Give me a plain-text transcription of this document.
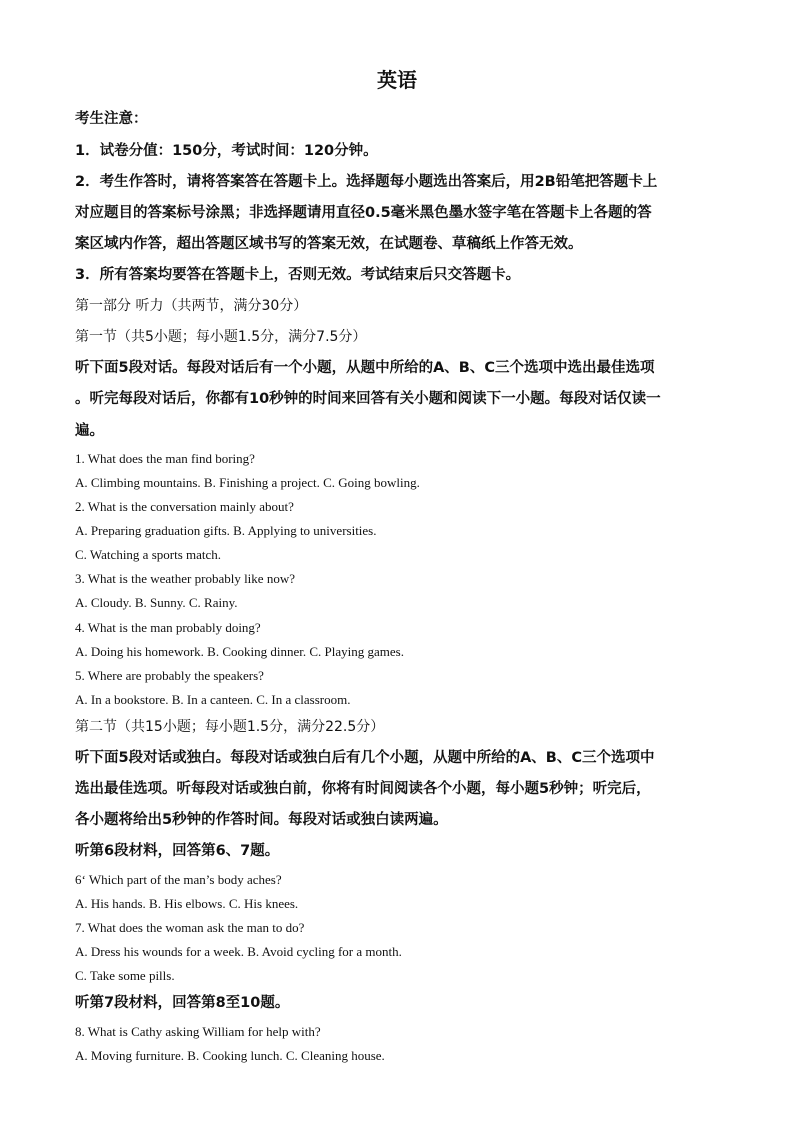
英语
考生注意：
1．试卷分值：150分，考试时间：120分钟。
2．考生作答时，请将答案答在答题卡上。选择题每小题选出答案后，用2B铅笔把答题卡上
对应题目的答案标号涂黑；非选择题请用直径0.5毫米黑色墨水签字笔在答题卡上各题的答
案区域内作答，超出答题区域书写的答案无效，在试题卷、草稿纸上作答无效。
3．所有答案均要答在答题卡上，否则无效。考试结束后只交答题卡。
第一部分 听力（共两节，满分30分）
第一节（共5小题；每小题1.5分，满分7.5分）
听下面5段对话。每段对话后有一个小题，从题中所给的A、B、C三个选项中选出最佳选项
。听完每段对话后，你都有10秒钟的时间来回答有关小题和阅读下一小题。每段对话仅读一
遍。
1. What does the man find boring?
A. Climbing mountains. B. Finishing a project. C. Going bowling.
2. What is the conversation mainly about?
A. Preparing graduation gifts. B. Applying to universities.
C. Watching a sports match.
3. What is the weather probably like now?
A. Cloudy. B. Sunny. C. Rainy.
4. What is the man probably doing?
A. Doing his homework. B. Cooking dinner. C. Playing games.
5. Where are probably the speakers?
A. In a bookstore. B. In a canteen. C. In a classroom.
第二节（共15小题；每小题1.5分，满分22.5分）
听下面5段对话或独白。每段对话或独白后有几个小题，从题中所给的A、B、C三个选项中
选出最佳选项。听每段对话或独白前，你将有时间阅读各个小题，每小题5秒钟；听完后，
各小题将给出5秒钟的作答时间。每段对话或独白读两遍。
听第6段材料，回答第6、7题。
6‘ Which part of the man’s body aches?
A. His hands. B. His elbows. C. His knees.
7. What does the woman ask the man to do?
A. Dress his wounds for a week. B. Avoid cycling for a month.
C. Take some pills.
听第7段材料，回答第8至10题。
8. What is Cathy asking William for help with?
A. Moving furniture. B. Cooking lunch. C. Cleaning house.
